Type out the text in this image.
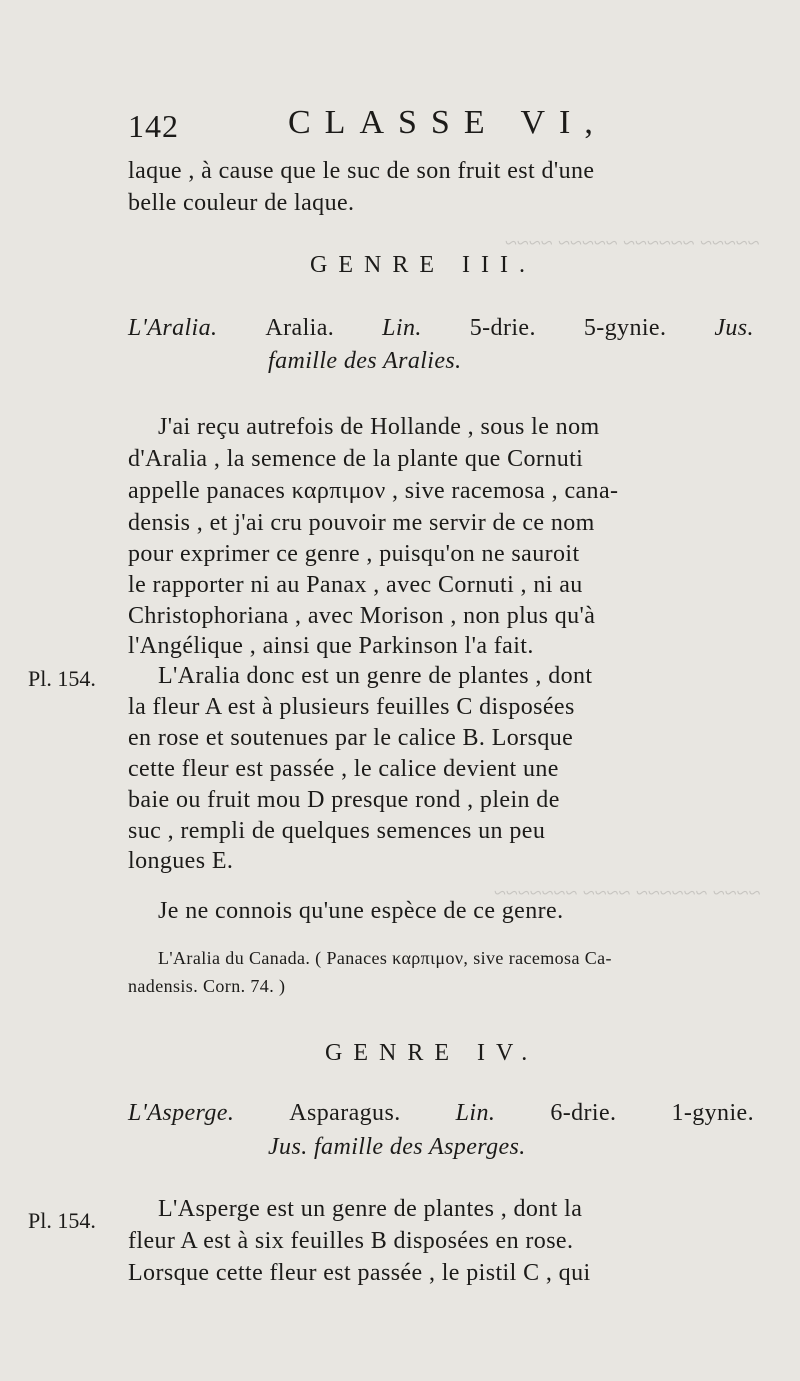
~~~~~ ~~~~~~ ~~~~~ ~~~~
~~~~ ~~~~~~ ~~~~ ~~~~~~~
142	CLASSE VI,
laque , à cause que le suc de son fruit est d'une
belle couleur de laque.
GENRE III.
L'Aralia. Aralia. Lin. 5-drie. 5-gynie. Jus.
famille des Aralies.
J'ai reçu autrefois de Hollande , sous le nom
d'Aralia , la semence de la plante que Cornuti
appelle panaces καρπιμον , sive racemosa , cana-
densis , et j'ai cru pouvoir me servir de ce nom
pour exprimer ce genre , puisqu'on ne sauroit
le rapporter ni au Panax , avec Cornuti , ni au
Christophoriana , avec Morison , non plus qu'à
l'Angélique , ainsi que Parkinson l'a fait.
Pl. 154.	L'Aralia donc est un genre de plantes , dont
la fleur A est à plusieurs feuilles C disposées
en rose et soutenues par le calice B. Lorsque
cette fleur est passée , le calice devient une
baie ou fruit mou D presque rond , plein de
suc , rempli de quelques semences un peu
longues E.
Je ne connois qu'une espèce de ce genre.
L'Aralia du Canada. ( Panaces καρπιμον, sive racemosa Ca-
nadensis. Corn. 74. )
GENRE IV.
L'Asperge. Asparagus. Lin. 6-drie. 1-gynie.
Jus. famille des Asperges.
Pl. 154.	L'Asperge est un genre de plantes , dont la
fleur A est à six feuilles B disposées en rose.
Lorsque cette fleur est passée , le pistil C , qui
